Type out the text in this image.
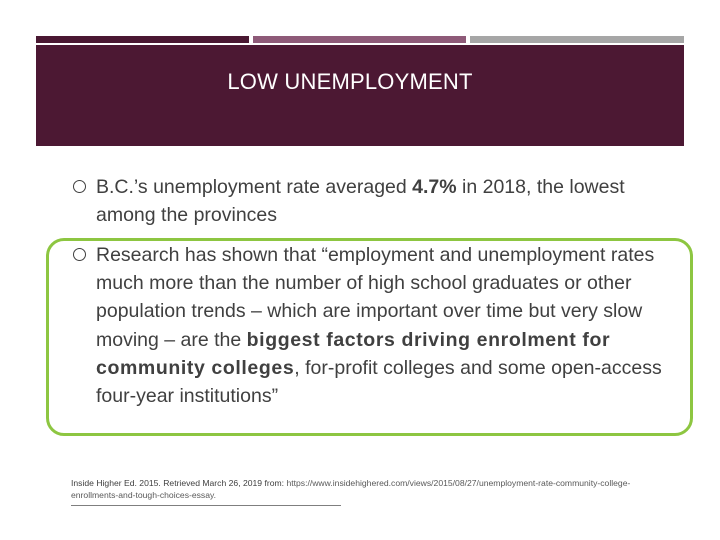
LOW UNEMPLOYMENT
B.C.’s unemployment rate averaged 4.7% in 2018, the lowest among the provinces
Research has shown that “employment and unemployment rates much more than the number of high school graduates or other population trends – which are important over time but very slow moving – are the biggest factors driving enrolment for community colleges, for-profit colleges and some open-access four-year institutions”
Inside Higher Ed. 2015. Retrieved March 26, 2019 from: https://www.insidehighered.com/views/2015/08/27/unemployment-rate-community-college-enrollments-and-tough-choices-essay.
